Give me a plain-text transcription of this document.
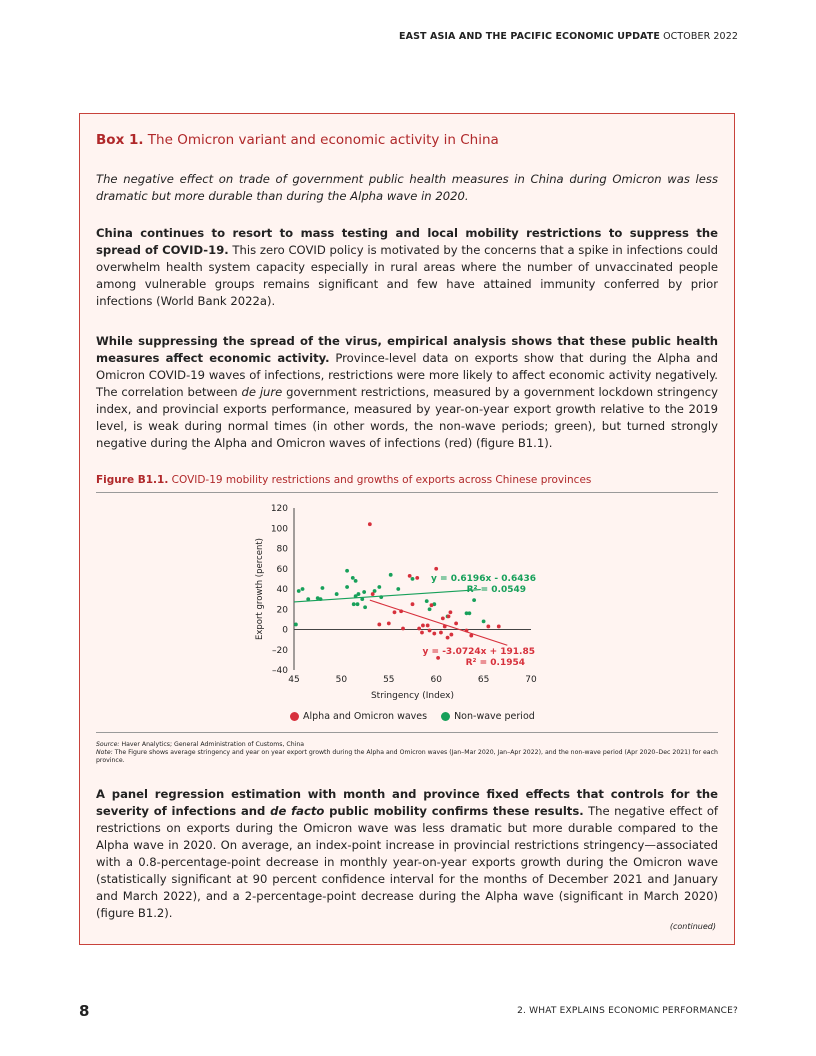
EAST ASIA AND THE PACIFIC ECONOMIC UPDATE OCTOBER 2022
Box 1. The Omicron variant and economic activity in China

The negative effect on trade of government public health measures in China during Omicron was less dramatic but more durable than during the Alpha wave in 2020.

China continues to resort to mass testing and local mobility restrictions to suppress the spread of COVID-19. This zero COVID policy is motivated by the concerns that a spike in infections could overwhelm health system capacity especially in rural areas where the number of unvaccinated people among vulnerable groups remains significant and few have attained immunity conferred by prior infections (World Bank 2022a).

While suppressing the spread of the virus, empirical analysis shows that these public health measures affect economic activity. Province-level data on exports show that during the Alpha and Omicron COVID-19 waves of infections, restrictions were more likely to affect economic activity negatively. The correlation between de jure government restrictions, measured by a government lockdown stringency index, and provincial exports performance, measured by year-on-year export growth relative to the 2019 level, is weak during normal times (in other words, the non-wave periods; green), but turned strongly negative during the Alpha and Omicron waves of infections (red) (figure B1.1).

Figure B1.1. COVID-19 mobility restrictions and growths of exports across Chinese provinces
Source: Haver Analytics; General Administration of Customs, China
Note: The Figure shows average stringency and year on year export growth during the Alpha and Omicron waves (Jan–Mar 2020, Jan–Apr 2022), and the non-wave period (Apr 2020–Dec 2021) for each province.

A panel regression estimation with month and province fixed effects that controls for the severity of infections and de facto public mobility confirms these results. The negative effect of restrictions on exports during the Omicron wave was less dramatic but more durable compared to the Alpha wave in 2020. On average, an index-point increase in provincial restrictions stringency—associated with a 0.8-percentage-point decrease in monthly year-on-year exports growth during the Omicron wave (statistically significant at 90 percent confidence interval for the months of December 2021 and January and March 2022), and a 2-percentage-point decrease during the Alpha wave (significant in March 2020) (figure B1.2).

(continued)
120
100
80
60
40
20
0
–20
–40
45	50	55	60	65	70
Stringency (Index)
Export growth (percent)	y = 0.6196x - 0.6436
R² = 0.0549
y = -3.0724x + 191.85
R² = 0.1954
Alpha and Omicron waves	Non-wave period
8	2. WHAT EXPLAINS ECONOMIC PERFORMANCE?
